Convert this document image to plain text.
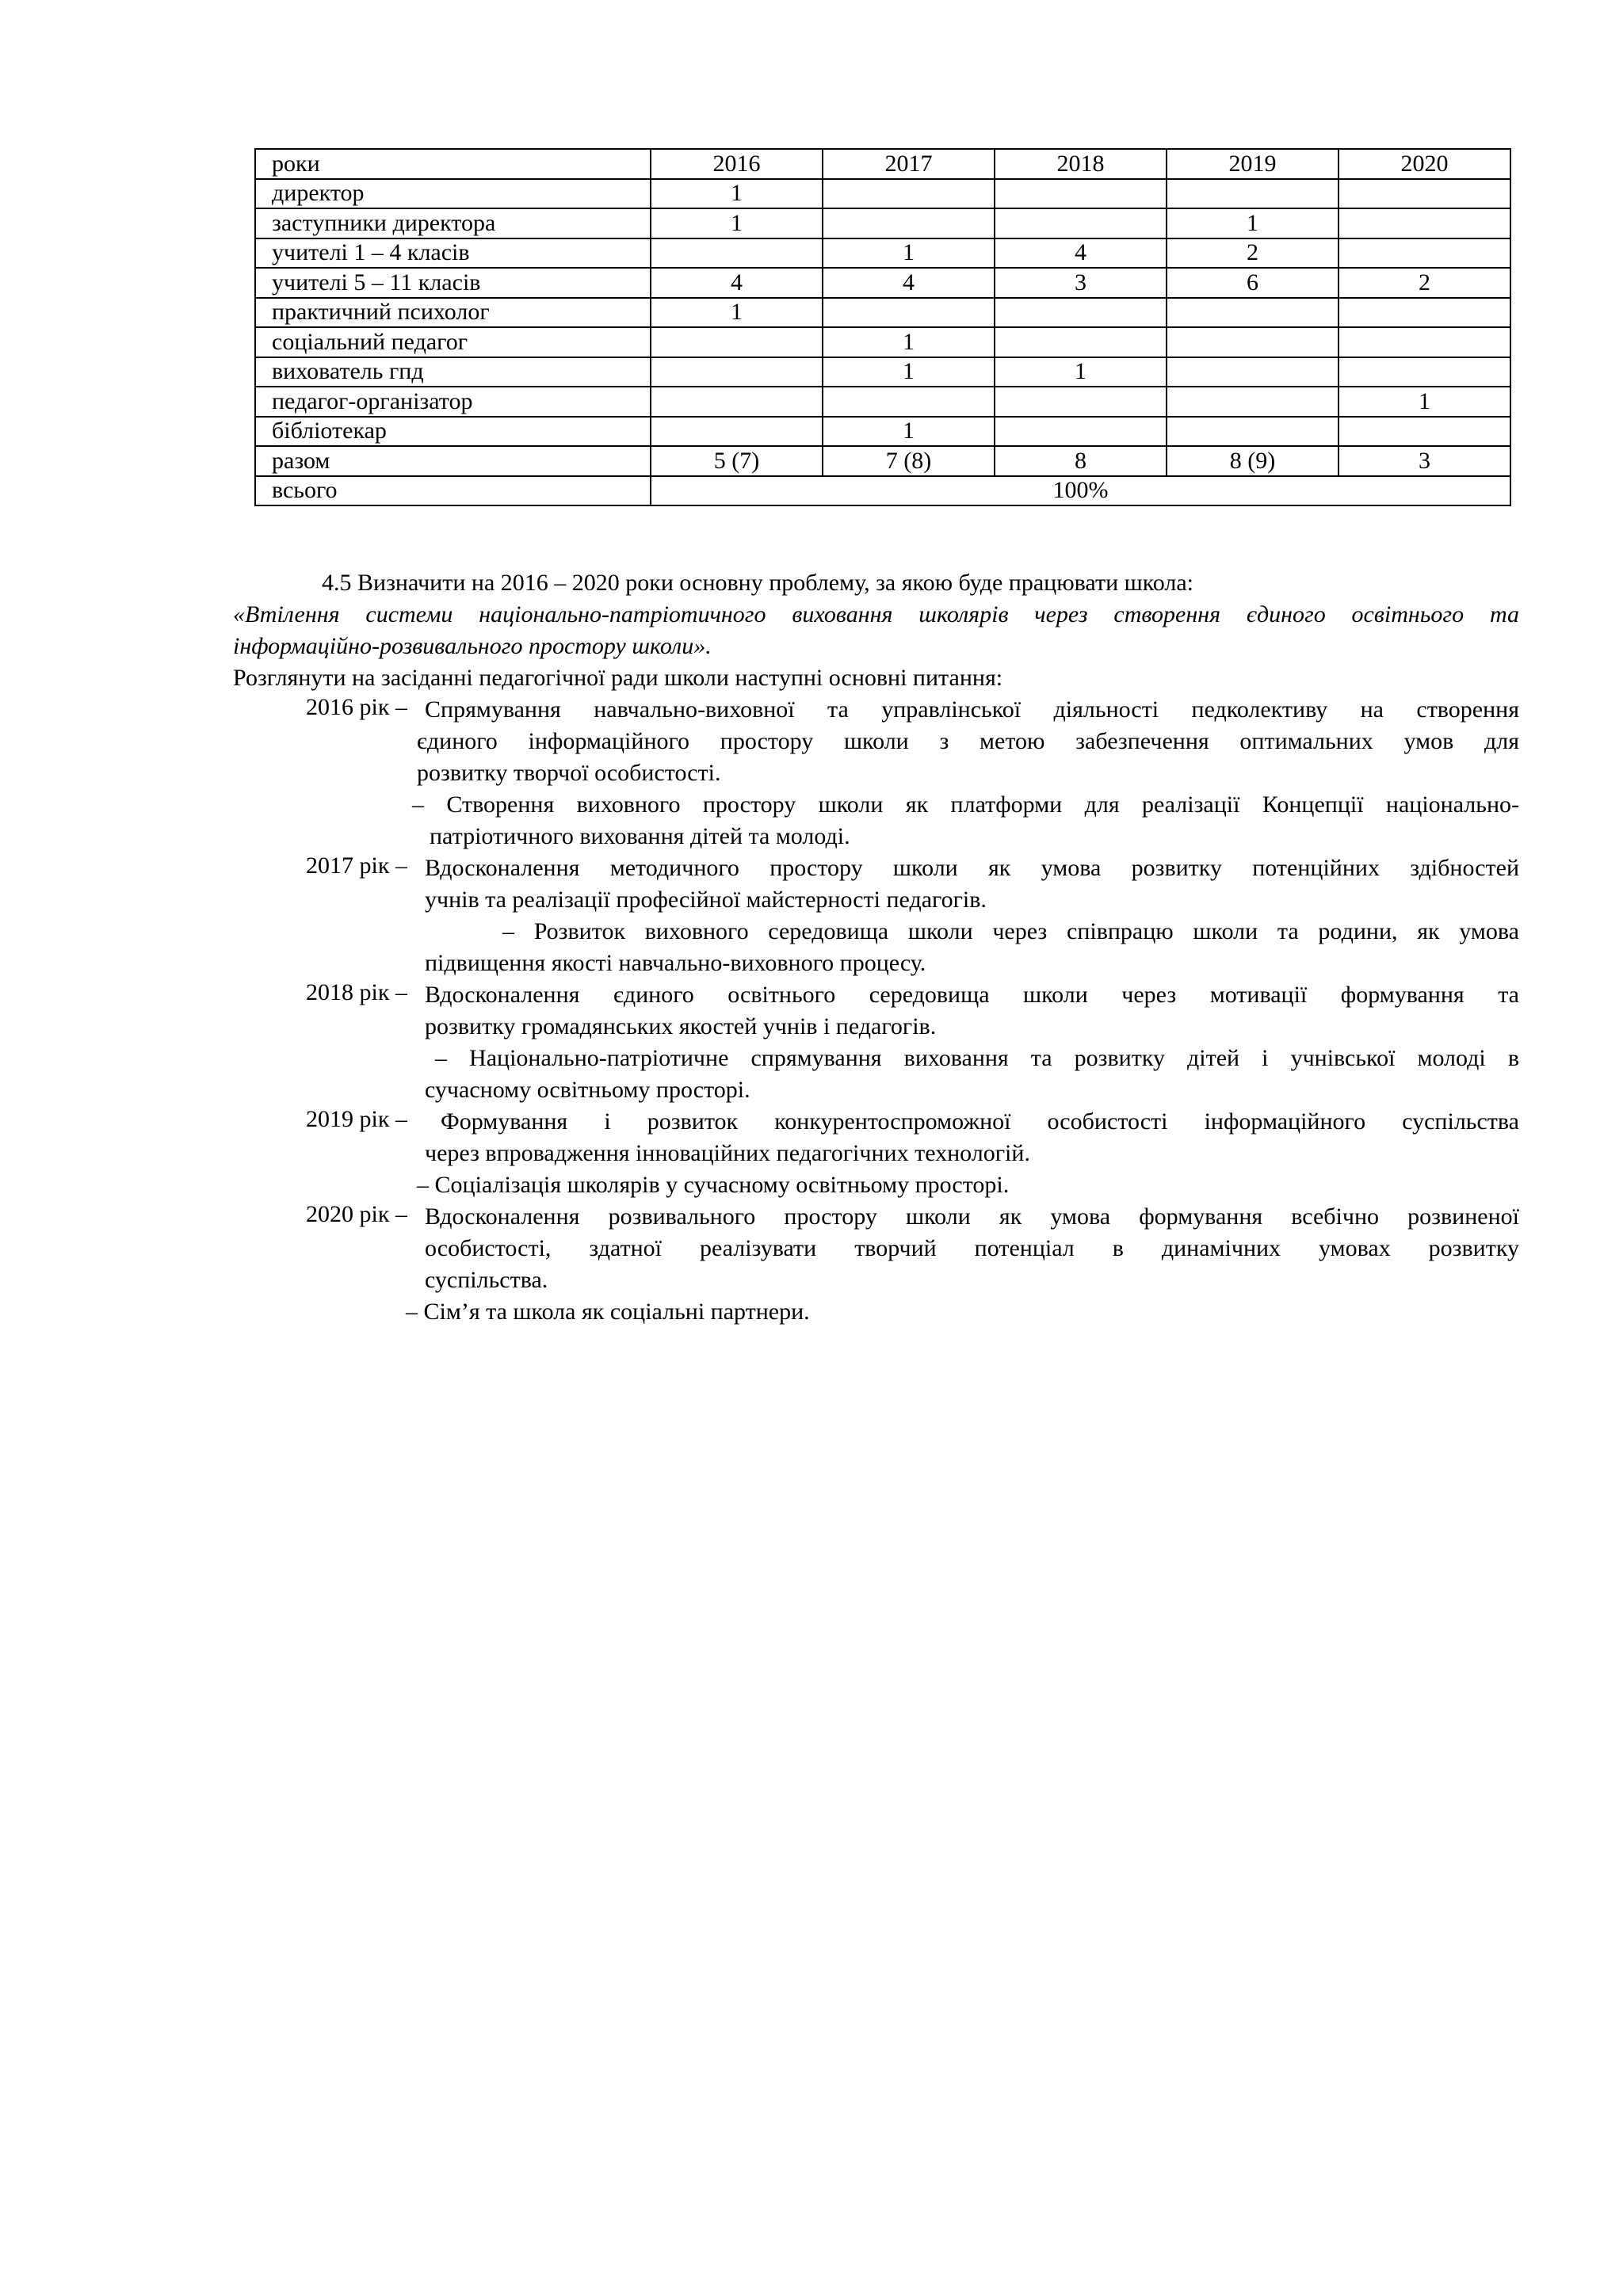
роки	2016	2017	2018	2019	2020
директор	1				
заступники директора	1			1	
учителі 1 – 4 класів		1	4	2	
учителі 5 – 11 класів	4	4	3	6	2
практичний психолог	1				
соціальний педагог		1			
вихователь гпд		1	1		
педагог-організатор					1
бібліотекар		1			
разом	5 (7)	7 (8)	8	8 (9)	3
всього	100%				
4.5 Визначити на 2016 – 2020 роки основну проблему, за якою буде працювати школа:
«Втілення системи національно-патріотичного виховання школярів через створення єдиного освітнього та
інформаційно-розвивального простору школи».
Розглянути на засіданні педагогічної ради школи наступні основні питання:
2016 рік – Спрямування навчально-виховної та управлінської діяльності педколективу на створення
єдиного інформаційного простору школи з метою забезпечення оптимальних умов для
розвитку творчої особистості.
– Створення виховного простору школи як платформи для реалізації Концепції національно-
патріотичного виховання дітей та молоді.
2017 рік – Вдосконалення методичного простору школи як умова розвитку потенційних здібностей
учнів та реалізації професійної майстерності педагогів.
– Розвиток виховного середовища школи через співпрацю школи та родини, як умова
підвищення якості навчально-виховного процесу.
2018 рік – Вдосконалення єдиного освітнього середовища школи через мотивації формування та
розвитку громадянських якостей учнів і педагогів.
– Національно-патріотичне спрямування виховання та розвитку дітей і учнівської молоді в
сучасному освітньому просторі.
2019 рік –	Формування і розвиток конкурентоспроможної особистості інформаційного суспільства
через впровадження інноваційних педагогічних технологій.
– Соціалізація школярів у сучасному освітньому просторі.
2020 рік – Вдосконалення розвивального простору школи як умова формування всебічно розвиненої
особистості, здатної реалізувати творчий потенціал в динамічних умовах розвитку
суспільства.
– Сім’я та школа як соціальні партнери.
